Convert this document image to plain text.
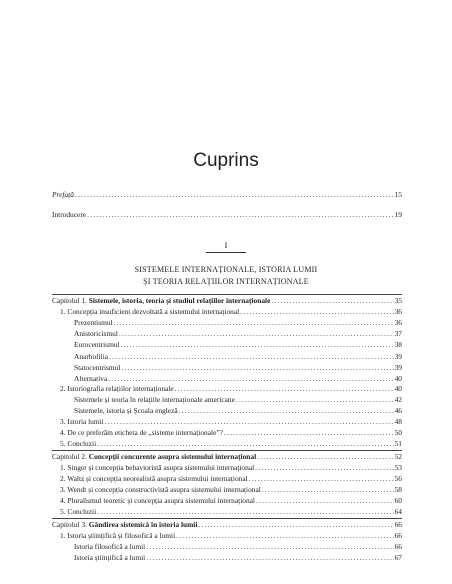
Cuprins
Prefață .....	15
Introducere .....	19
I
SISTEMELE INTERNAȚIONALE, ISTORIA LUMII
ȘI TEORIA RELAȚIILOR INTERNAȚIONALE
Capitolul 1. Sistemele, istoria, teoria și studiul relațiilor internaționale .....	35
1. Concepția insuficient dezvoltată a sistemului internațional .....	36
Prezentismul .....	36
Anistoricismul .....	37
Eurocentrismul .....	38
Anarhofilia .....	39
Statocentrismul .....	39
Alternativa .....	40
2. Istoriografia relațiilor internaționale .....	40
Sistemele și teoria în relațiile internaționale americane .....	42
Sistemele, istoria și Școala engleză .....	46
3. Istoria lumii .....	48
4. De ce preferăm eticheta de „sisteme internaționale”? .....	50
5. Concluzii .....	51
Capitolul 2. Concepții concurente asupra sistemului internațional .....	52
1. Singer și concepția behavioristă asupra sistemului internațional .....	53
2. Waltz și concepția neorealistă asupra sistemului internațional .....	56
3. Wendt și concepția constructivistă asupra sistemului internațional .....	58
4. Pluralismul teoretic și concepția asupra sistemului internațional .....	60
5. Concluzii .....	64
Capitolul 3. Gândirea sistemică în istoria lumii .....	66
1. Istoria științifică și filosofică a lumii .....	66
Istoria filosofică a lumii .....	66
Istoria științifică a lumii .....	67
